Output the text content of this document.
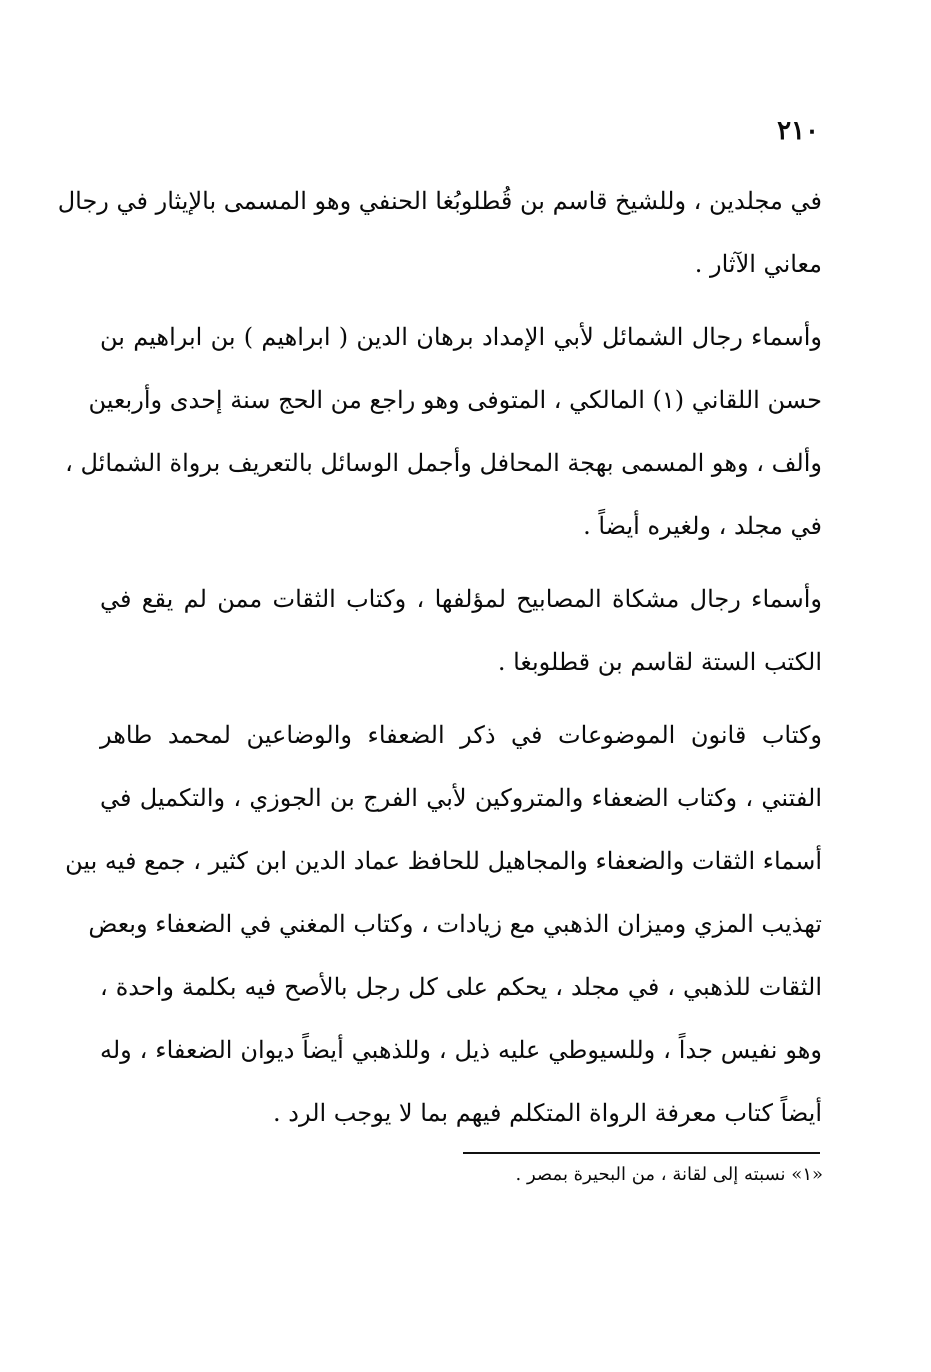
٢١٠
في مجلدين ، وللشيخ قاسم بن قُطلوبُغا الحنفي وهو المسمى بالإيثار في رجال
معاني الآثار .
وأسماء رجال الشمائل لأبي الإمداد برهان الدين ( ابراهيم ) بن ابراهيم بن
حسن اللقاني (١) المالكي ، المتوفى وهو راجع من الحج سنة إحدى وأربعين
وألف ، وهو المسمى بهجة المحافل وأجمل الوسائل بالتعريف برواة الشمائل ،
في مجلد ، ولغيره أيضاً .
وأسماء رجال مشكاة المصابيح لمؤلفها ، وكتاب الثقات ممن لم يقع في
الكتب الستة لقاسم بن قطلوبغا .
وكتاب قانون الموضوعات في ذكر الضعفاء والوضاعين لمحمد طاهر
الفتني ، وكتاب الضعفاء والمتروكين لأبي الفرج بن الجوزي ، والتكميل في
أسماء الثقات والضعفاء والمجاهيل للحافظ عماد الدين ابن كثير ، جمع فيه بين
تهذيب المزي وميزان الذهبي مع زيادات ، وكتاب المغني في الضعفاء وبعض
الثقات للذهبي ، في مجلد ، يحكم على كل رجل بالأصح فيه بكلمة واحدة ،
وهو نفيس جداً ، وللسيوطي عليه ذيل ، وللذهبي أيضاً ديوان الضعفاء ، وله
أيضاً كتاب معرفة الرواة المتكلم فيهم بما لا يوجب الرد .
«١» نسبته إلى لقانة ، من البحيرة بمصر .
